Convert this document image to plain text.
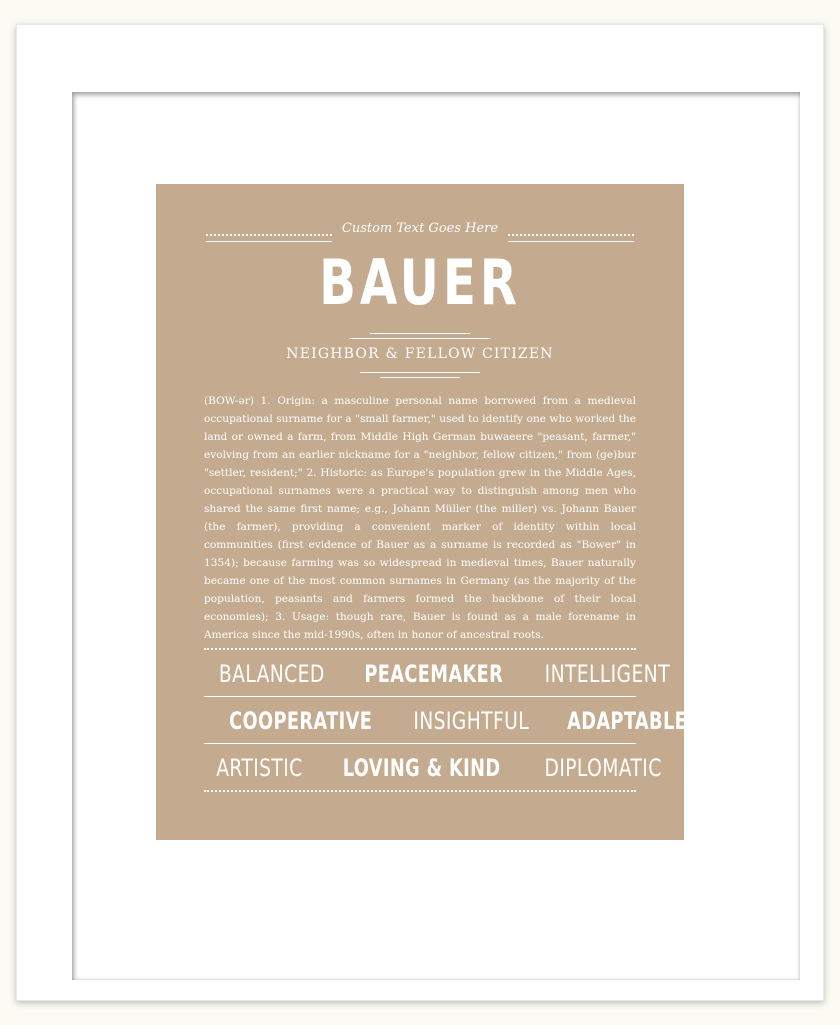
Custom Text Goes Here
BAUER
NEIGHBOR & FELLOW CITIZEN
(BOW-ər) 1. Origin: a masculine personal name borrowed from a medieval occupational surname for a "small farmer," used to identify one who worked the land or owned a farm, from Middle High German buwaeere "peasant, farmer," evolving from an earlier nickname for a "neighbor, fellow citizen," from (ge)bur "settler, resident;" 2. Historic: as Europe's population grew in the Middle Ages, occupational surnames were a practical way to distinguish among men who shared the same first name; e.g., Johann Müller (the miller) vs. Johann Bauer (the farmer), providing a convenient marker of identity within local communities (first evidence of Bauer as a surname is recorded as "Bower" in 1354); because farming was so widespread in medieval times, Bauer naturally became one of the most common surnames in Germany (as the majority of the population, peasants and farmers formed the backbone of their local economies); 3. Usage: though rare, Bauer is found as a male forename in America since the mid-1990s, often in honor of ancestral roots.
BALANCED PEACEMAKER INTELLIGENT
COOPERATIVE INSIGHTFUL ADAPTABLE
ARTISTIC LOVING & KIND DIPLOMATIC
